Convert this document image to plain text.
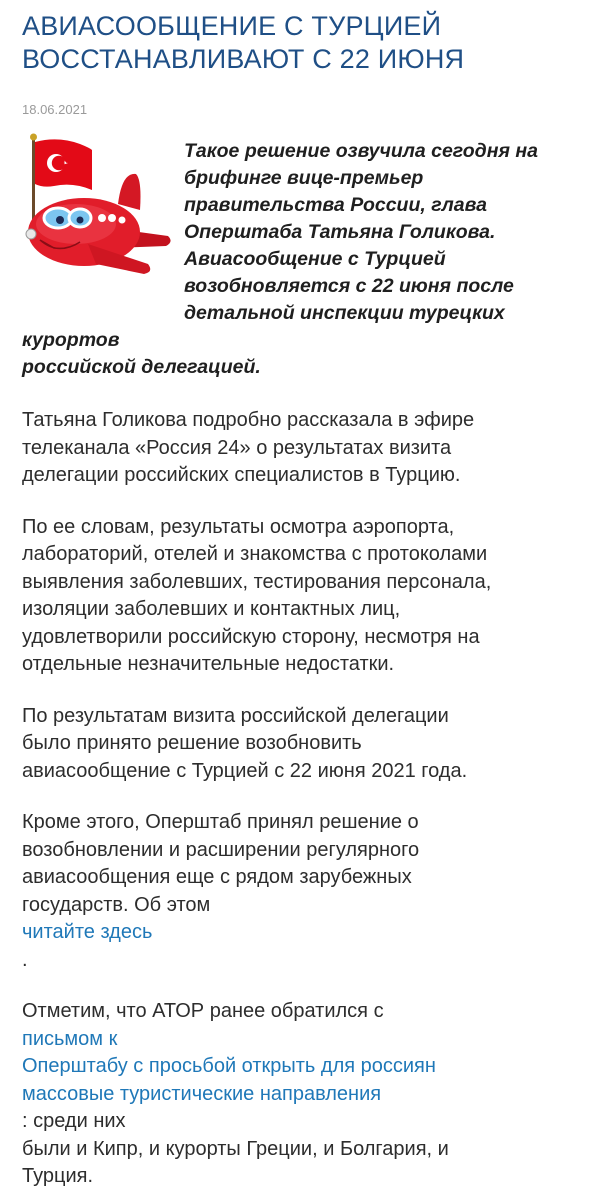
АВИАСООБЩЕНИЕ С ТУРЦИЕЙ
ВОССТАНАВЛИВАЮТ С 22 ИЮНЯ
18.06.2021

Такое решение озвучила сегодня на
брифинге вице-премьер
правительства России, глава
Оперштаба Татьяна Голикова.
Авиасообщение с Турцией
возобновляется с 22 июня после
детальной инспекции турецких курортов
российской делегацией.

Татьяна Голикова подробно рассказала в эфире
телеканала «Россия 24» о результатах визита
делегации российских специалистов в Турцию.

По ее словам, результаты осмотра аэропорта,
лабораторий, отелей и знакомства с протоколами
выявления заболевших, тестирования персонала,
изоляции заболевших и контактных лиц,
удовлетворили российскую сторону, несмотря на
отдельные незначительные недостатки.

По результатам визита российской делегации
было принято решение возобновить
авиасообщение с Турцией с 22 июня 2021 года.

Кроме этого, Оперштаб принял решение о
возобновлении и расширении регулярного
авиасообщения еще с рядом зарубежных
государств. Об этом
читайте здесь
.

Отметим, что АТОР ранее обратился с
письмом к
Оперштабу с просьбой открыть для россиян
массовые туристические направления
: среди них
были и Кипр, и курорты Греции, и Болгария, и
Турция.
